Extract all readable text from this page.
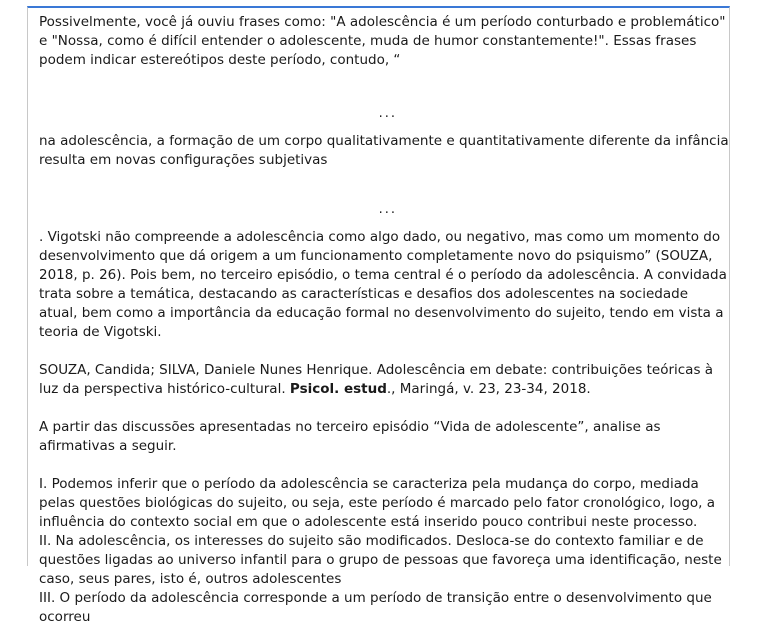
Possivelmente, você já ouviu frases como: "A adolescência é um período conturbado e problemático" e "Nossa, como é difícil entender o adolescente, muda de humor constantemente!". Essas frases podem indicar estereótipos deste período, contudo, “

...

na adolescência, a formação de um corpo qualitativamente e quantitativamente diferente da infância resulta em novas configurações subjetivas

...

. Vigotski não compreende a adolescência como algo dado, ou negativo, mas como um momento do desenvolvimento que dá origem a um funcionamento completamente novo do psiquismo” (SOUZA, 2018, p. 26). Pois bem, no terceiro episódio, o tema central é o período da adolescência. A convidada trata sobre a temática, destacando as características e desafios dos adolescentes na sociedade atual, bem como a importância da educação formal no desenvolvimento do sujeito, tendo em vista a teoria de Vigotski.

SOUZA, Candida; SILVA, Daniele Nunes Henrique. Adolescência em debate: contribuições teóricas à luz da perspectiva histórico-cultural. Psicol. estud., Maringá, v. 23, 23-34, 2018.

A partir das discussões apresentadas no terceiro episódio “Vida de adolescente”, analise as afirmativas a seguir.

I. Podemos inferir que o período da adolescência se caracteriza pela mudança do corpo, mediada pelas questões biológicas do sujeito, ou seja, este período é marcado pelo fator cronológico, logo, a influência do contexto social em que o adolescente está inserido pouco contribui neste processo.

II. Na adolescência, os interesses do sujeito são modificados. Desloca-se do contexto familiar e de questões ligadas ao universo infantil para o grupo de pessoas que favoreça uma identificação, neste caso, seus pares, isto é, outros adolescentes

III. O período da adolescência corresponde a um período de transição entre o desenvolvimento que ocorreu
